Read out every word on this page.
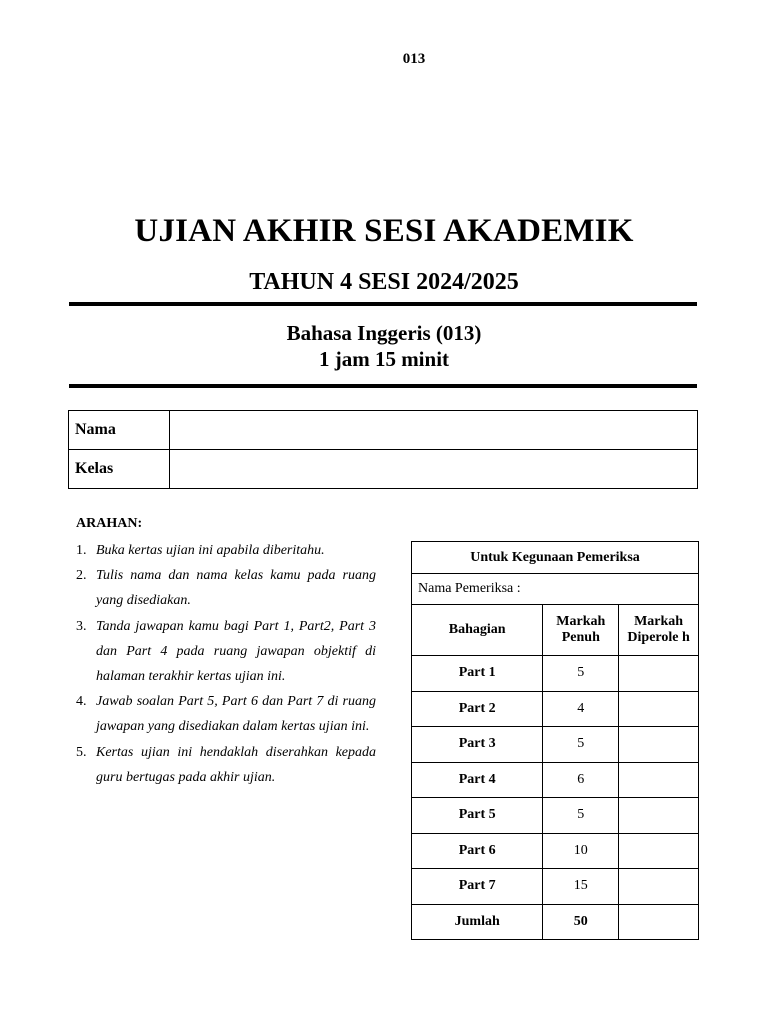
013
UJIAN AKHIR SESI AKADEMIK
TAHUN 4 SESI 2024/2025
Bahasa Inggeris (013)
1 jam 15 minit
Nama	
Kelas	
ARAHAN:
1. Buka kertas ujian ini apabila diberitahu.
2. Tulis nama dan nama kelas kamu pada ruang yang disediakan.
3. Tanda jawapan kamu bagi Part 1, Part2, Part 3 dan Part 4 pada ruang jawapan objektif di halaman terakhir kertas ujian ini.
4. Jawab soalan Part 5, Part 6 dan Part 7 di ruang jawapan yang disediakan dalam kertas ujian ini.
5. Kertas ujian ini hendaklah diserahkan kepada guru bertugas pada akhir ujian.
Untuk Kegunaan Pemeriksa		
Nama Pemeriksa :		
Bahagian	Markah Penuh	Markah Diperole h
Part 1	5	
Part 2	4	
Part 3	5	
Part 4	6	
Part 5	5	
Part 6	10	
Part 7	15	
Jumlah	50	
